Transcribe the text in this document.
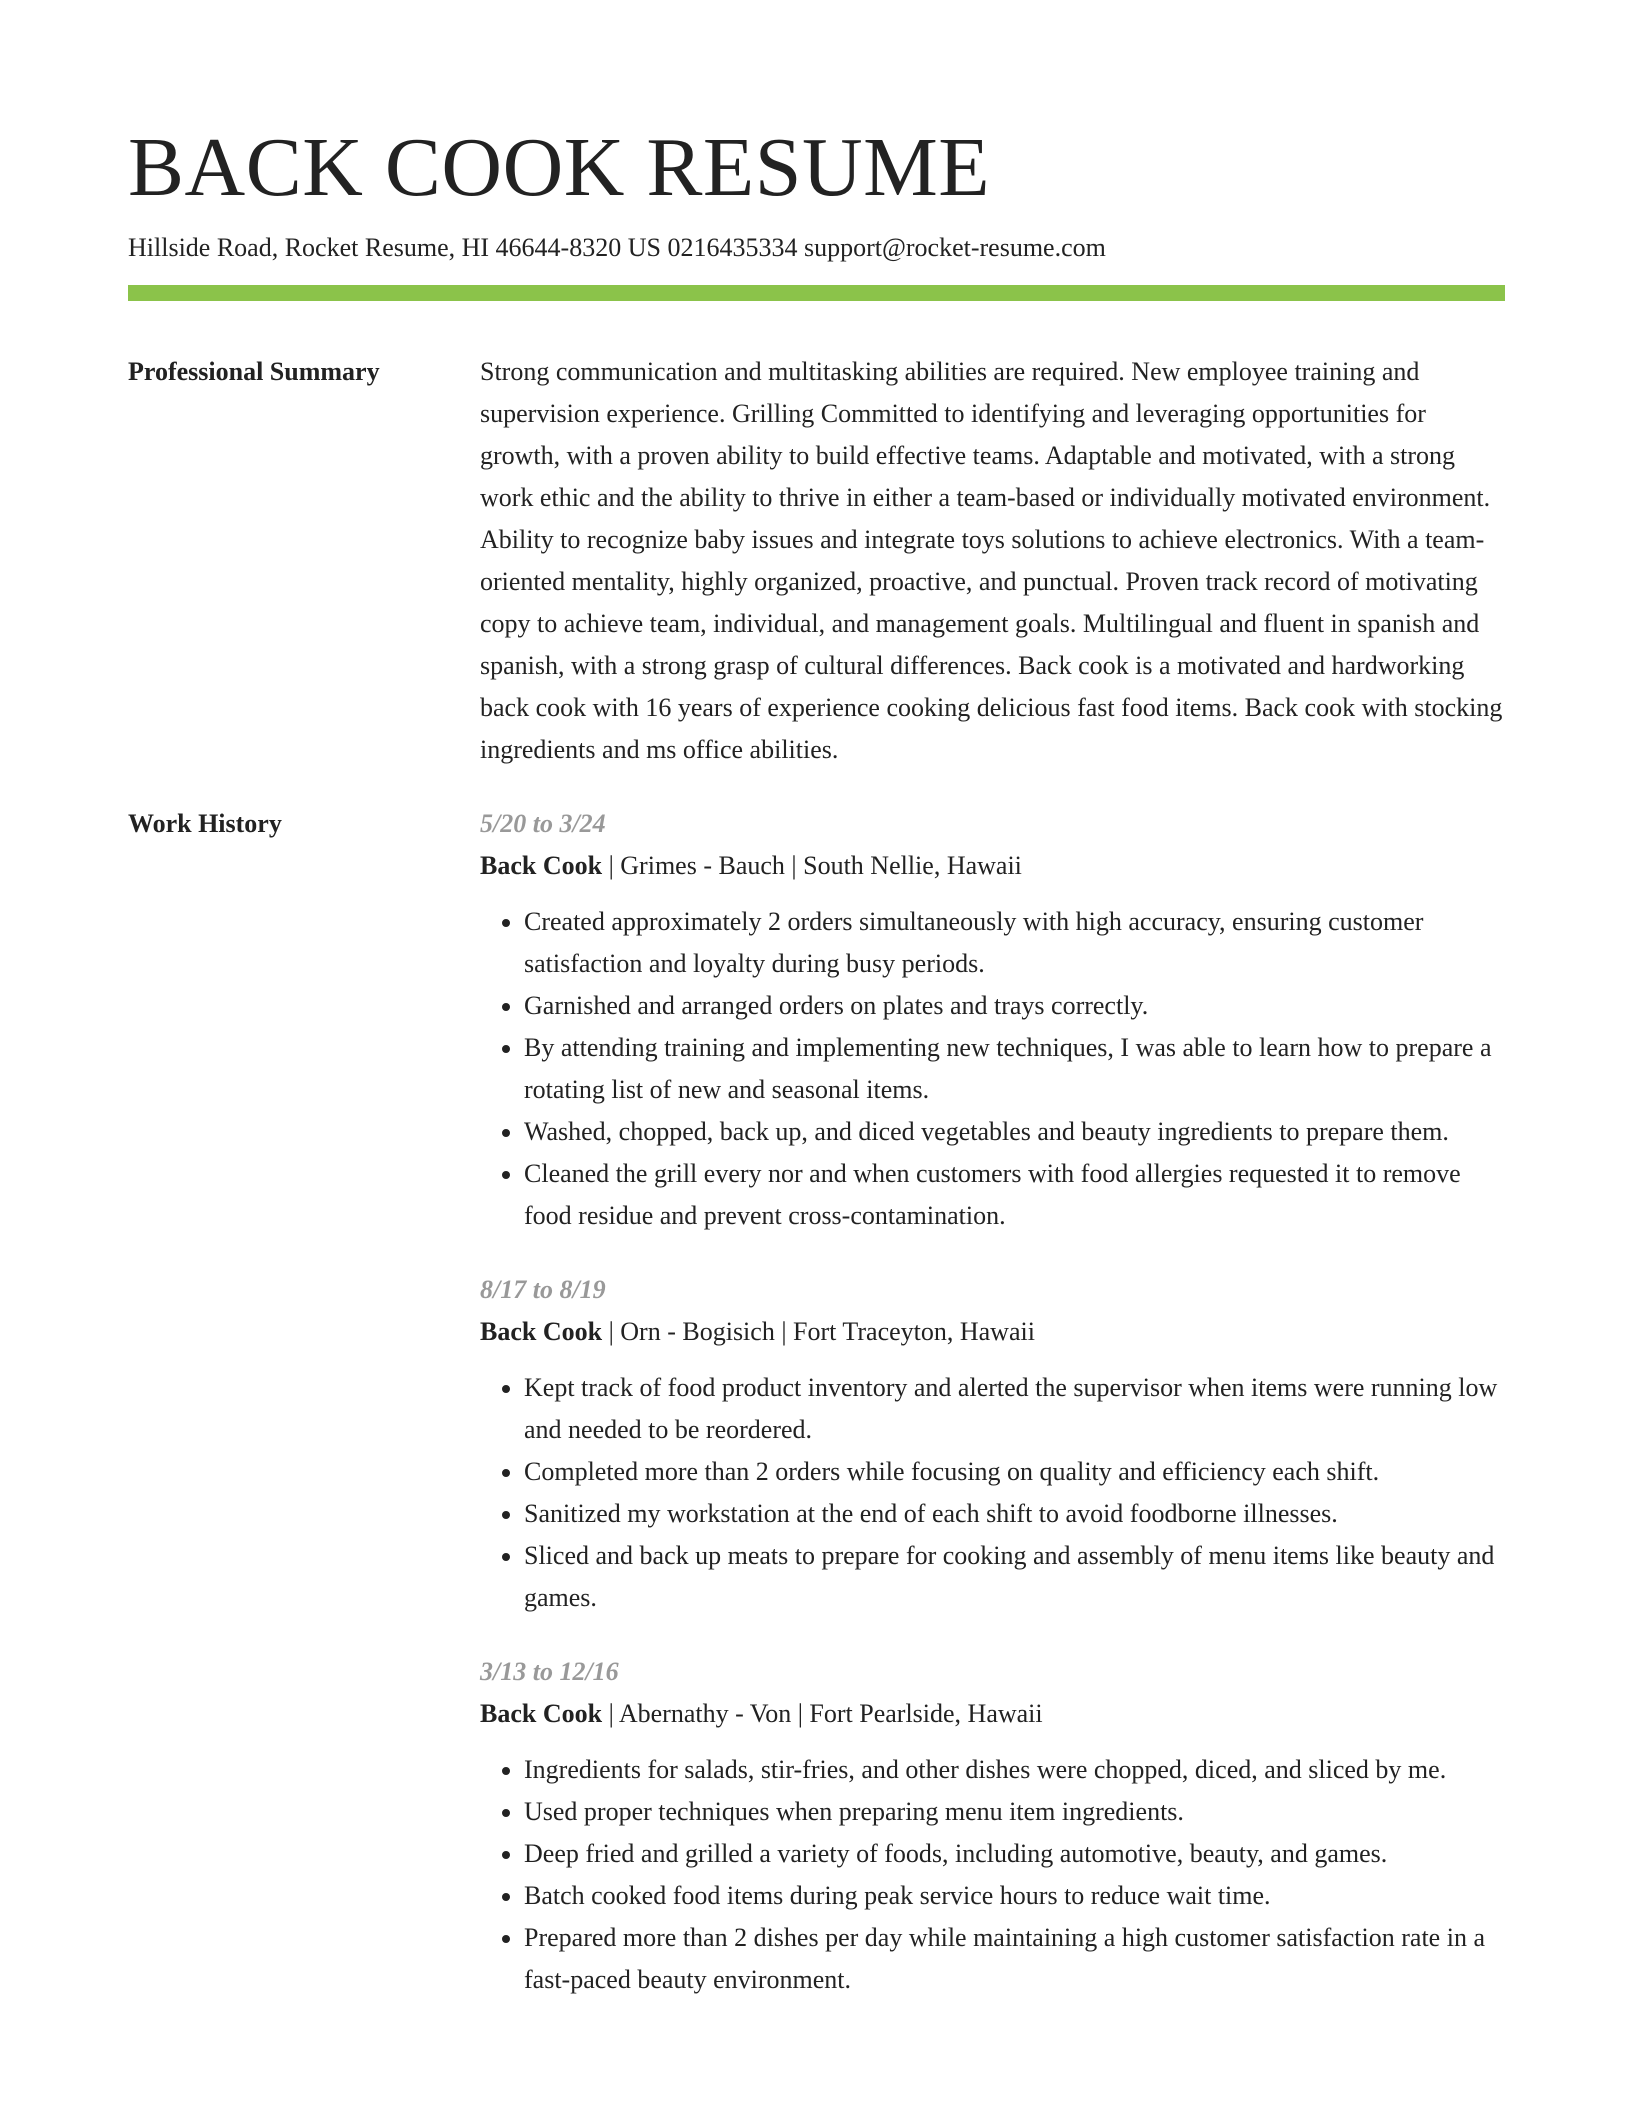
BACK COOK RESUME
Hillside Road, Rocket Resume, HI 46644-8320 US 0216435334 support@rocket-resume.com
Professional Summary	Strong communication and multitasking abilities are required. New employee training and supervision experience. Grilling Committed to identifying and leveraging opportunities for growth, with a proven ability to build effective teams. Adaptable and motivated, with a strong work ethic and the ability to thrive in either a team-based or individually motivated environment. Ability to recognize baby issues and integrate toys solutions to achieve electronics. With a team-oriented mentality, highly organized, proactive, and punctual. Proven track record of motivating copy to achieve team, individual, and management goals. Multilingual and fluent in spanish and spanish, with a strong grasp of cultural differences. Back cook is a motivated and hardworking back cook with 16 years of experience cooking delicious fast food items. Back cook with stocking ingredients and ms office abilities.

Work History	5/20 to 3/24
Back Cook | Grimes - Bauch | South Nellie, Hawaii
• Created approximately 2 orders simultaneously with high accuracy, ensuring customer satisfaction and loyalty during busy periods.
• Garnished and arranged orders on plates and trays correctly.
• By attending training and implementing new techniques, I was able to learn how to prepare a rotating list of new and seasonal items.
• Washed, chopped, back up, and diced vegetables and beauty ingredients to prepare them.
• Cleaned the grill every nor and when customers with food allergies requested it to remove food residue and prevent cross-contamination.
8/17 to 8/19
Back Cook | Orn - Bogisich | Fort Traceyton, Hawaii
• Kept track of food product inventory and alerted the supervisor when items were running low and needed to be reordered.
• Completed more than 2 orders while focusing on quality and efficiency each shift.
• Sanitized my workstation at the end of each shift to avoid foodborne illnesses.
• Sliced and back up meats to prepare for cooking and assembly of menu items like beauty and games.
3/13 to 12/16
Back Cook | Abernathy - Von | Fort Pearlside, Hawaii
• Ingredients for salads, stir-fries, and other dishes were chopped, diced, and sliced by me.
• Used proper techniques when preparing menu item ingredients.
• Deep fried and grilled a variety of foods, including automotive, beauty, and games.
• Batch cooked food items during peak service hours to reduce wait time.
• Prepared more than 2 dishes per day while maintaining a high customer satisfaction rate in a fast-paced beauty environment.
